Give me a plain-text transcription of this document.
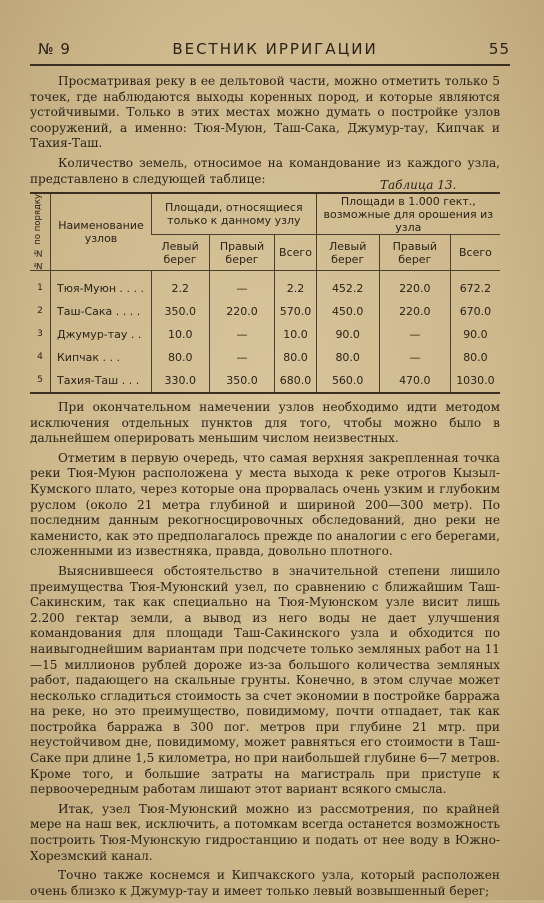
№ 9	ВЕСТНИК ИРРИГАЦИИ	55

Просматривая реку в ее дельтовой части, можно отметить только 5 точек, где наблюдаются выходы коренных пород, и которые являются устойчивыми. Только в этих местах можно думать о постройке узлов сооружений, а именно: Тюя-Муюн, Таш-Сака, Джумур-тау, Кипчак и Тахия-Таш.

Количество земель, относимое на командование из каждого узла, представлено в следующей таблице:	Таблица 13.
№ № по порядку	Наименование узлов	Площади, относящиеся только к данному узлу			Площади в 1.000 гект., возможные для орошения из узла		
		Левый берег	Правый берег	Всего	Левый берег	Правый берег	Всего

1	Тюя-Муюн . . . .	2.2	—	2.2	452.2	220.0	672.2
2	Таш-Сака . . . .	350.0	220.0	570.0	450.0	220.0	670.0
3	Джумур-тау . .	10.0	—	10.0	90.0	—	90.0
4	Кипчак . . .	80.0	—	80.0	80.0	—	80.0
5	Тахия-Таш . . .	330.0	350.0	680.0	560.0	470.0	1030.0

При окончательном намечении узлов необходимо идти методом исключения отдельных пунктов для того, чтобы можно было в дальнейшем оперировать меньшим числом неизвестных.

Отметим в первую очередь, что самая верхняя закрепленная точка реки Тюя-Муюн расположена у места выхода к реке отрогов Кызыл-Кумского плато, через которые она прорвалась очень узким и глубоким руслом (около 21 метра глубиной и шириной 200—300 метр). По последним данным рекогносцировочных обследований, дно реки не каменисто, как это предполагалось прежде по аналогии с его берегами, сложенными из известняка, правда, довольно плотного.

Выяснившееся обстоятельство в значительной степени лишило преимущества Тюя-Муюнский узел, по сравнению с ближайшим Таш-Сакинским, так как специально на Тюя-Муюнском узле висит лишь 2.200 гектар земли, а вывод из него воды не дает улучшения командования для площади Таш-Сакинского узла и обходится по наивыгоднейшим вариантам при подсчете только земляных работ на 11—15 миллионов рублей дороже из-за большого количества земляных работ, падающего на скальные грунты. Конечно, в этом случае может несколько сгладиться стоимость за счет экономии в постройке барража на реке, но это преимущество, повидимому, почти отпадает, так как постройка барража в 300 пог. метров при глубине 21 мтр. при неустойчивом дне, повидимому, может равняться его стоимости в Таш-Саке при длине 1,5 километра, но при наибольшей глубине 6—7 метров. Кроме того, и большие затраты на магистраль при приступе к первоочередным работам лишают этот вариант всякого смысла.

Итак, узел Тюя-Муюнский можно из рассмотрения, по крайней мере на наш век, исключить, а потомкам всегда останется возможность построить Тюя-Муюнскую гидростанцию и подать от нее воду в Южно-Хорезмский канал.

Точно также коснемся и Кипчакского узла, который расположен очень близко к Джумур-тау и имеет только левый возвышенный берег;
